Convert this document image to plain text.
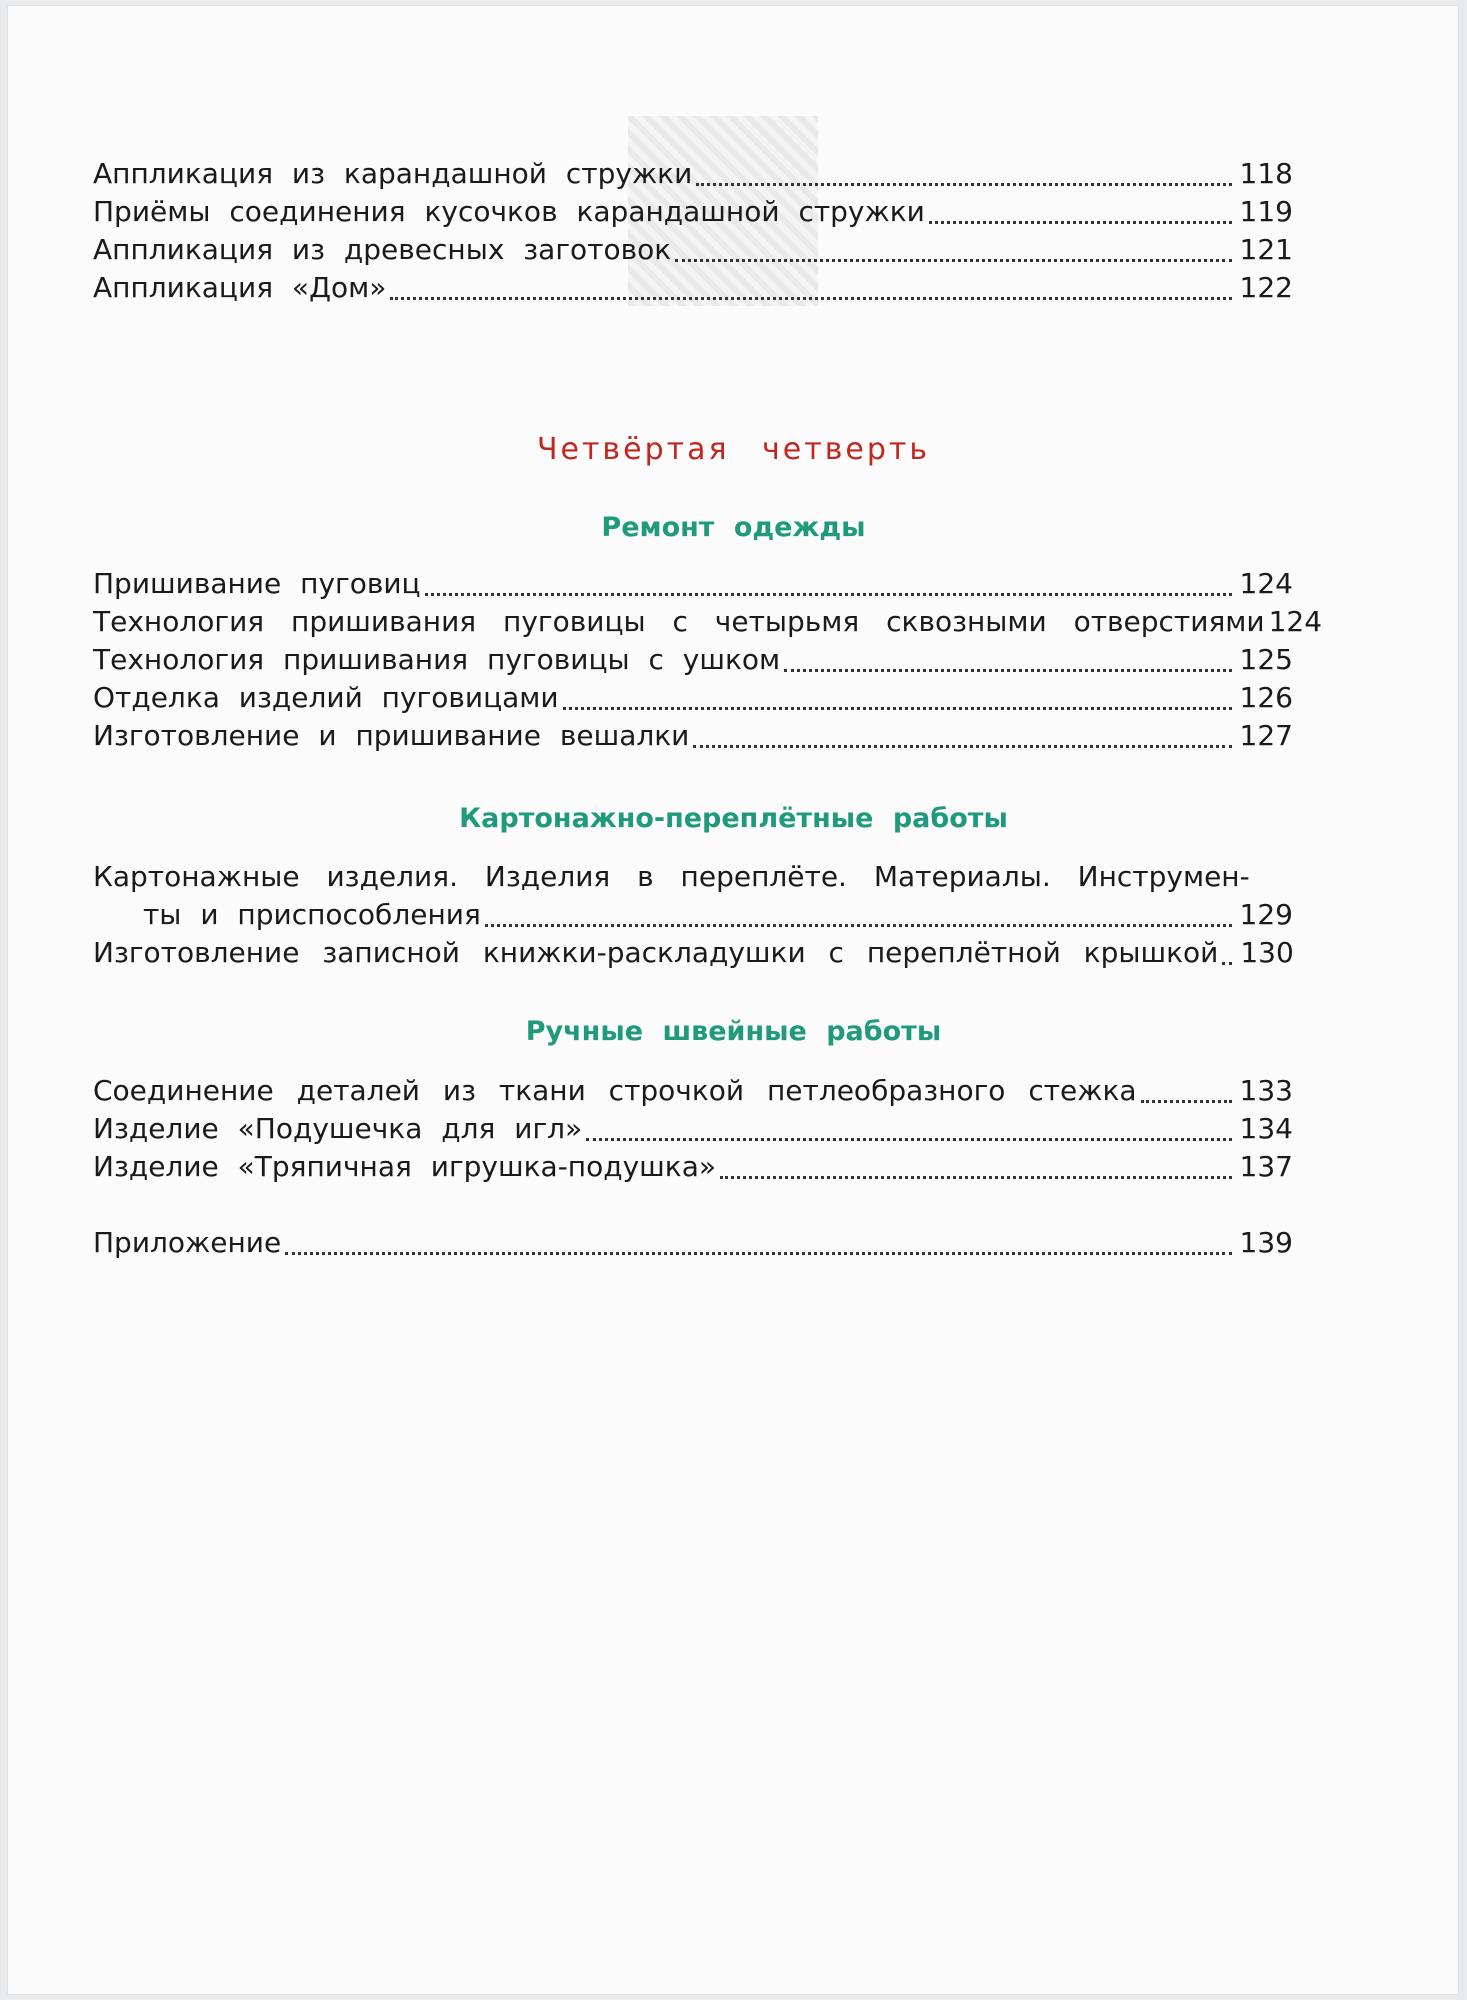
Аппликация из карандашной стружки	118
Приёмы соединения кусочков карандашной стружки	119
Аппликация из древесных заготовок	121
Аппликация «Дом»	122
Четвёртая четверть
Ремонт одежды
Пришивание пуговиц	124
Технология пришивания пуговицы с четырьмя сквозными отверстиями 124
Технология пришивания пуговицы с ушком	125
Отделка изделий пуговицами	126
Изготовление и пришивание вешалки	127
Картонажно-переплётные работы
Картонажные изделия. Изделия в переплёте. Материалы. Инструмен-
ты и приспособления	129
Изготовление записной книжки-раскладушки с переплётной крышкой 130
Ручные швейные работы
Соединение деталей из ткани строчкой петлеобразного стежка	133
Изделие «Подушечка для игл»	134
Изделие «Тряпичная игрушка-подушка»	137
Приложение	139
